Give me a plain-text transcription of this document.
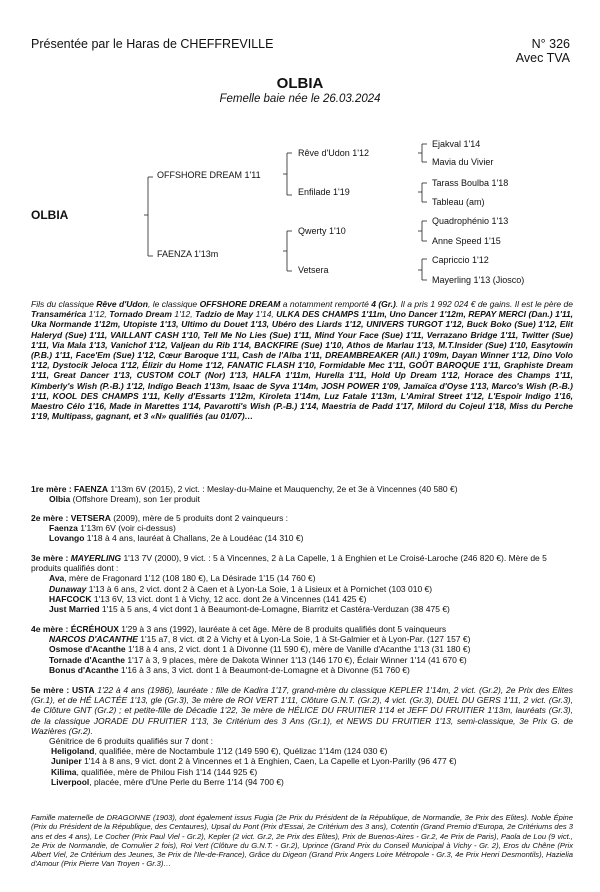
Présentée par le Haras de CHEFFREVILLE	N° 326
Avec TVA
OLBIA
Femelle baie née le 26.03.2024
OLBIA
OFFSHORE DREAM 1'11
FAENZA 1'13m
Rêve d'Udon 1'12
Enfilade 1'19
Qwerty 1'10
Vetsera
Ejakval 1'14
Mavia du Vivier
Tarass Boulba 1'18
Tableau (am)
Quadrophénio 1'13
Anne Speed 1'15
Capriccio 1'12
Mayerling 1'13 (Jiosco)
Fils du classique Rêve d'Udon, le classique OFFSHORE DREAM a notamment remporté 4 (Gr.). Il a pris 1 992 024 € de gains. Il est le père de Transamérica 1'12, Tornado Dream 1'12, Tadzio de May 1'14, ULKA DES CHAMPS 1'11m, Uno Dancer 1'12m, REPAY MERCI (Dan.) 1'11, Uka Normande 1'12m, Utopiste 1'13, Ultimo du Douet 1'13, Ubéro des Liards 1'12, UNIVERS TURGOT 1'12, Buck Boko (Sue) 1'12, Elit Haleryd (Sue) 1'11, VAILLANT CASH 1'10, Tell Me No Lies (Sue) 1'11, Mind Your Face (Sue) 1'11, Verrazano Bridge 1'11, Twitter (Sue) 1'11, Via Mala 1'13, Vanichof 1'12, Valjean du Rib 1'14, BACKFIRE (Sue) 1'10, Athos de Marlau 1'13, M.T.Insider (Sue) 1'10, Easytowin (P.B.) 1'11, Face'Em (Sue) 1'12, Cœur Baroque 1'11, Cash de l'Alba 1'11, DREAMBREAKER (All.) 1'09m, Dayan Winner 1'12, Dino Volo 1'12, Dystocik Jeloca 1'12, Élizir du Home 1'12, FANATIC FLASH 1'10, Formidable Mec 1'11, GOÛT BAROQUE 1'11, Graphiste Dream 1'11, Great Dancer 1'13, CUSTOM COLT (Nor) 1'13, HALFA 1'11m, Hurella 1'11, Hold Up Dream 1'12, Horace des Champs 1'11, Kimberly's Wish (P.-B.) 1'12, Indigo Beach 1'13m, Isaac de Syva 1'14m, JOSH POWER 1'09, Jamaïca d'Oyse 1'13, Marco's Wish (P.-B.) 1'11, KOOL DES CHAMPS 1'11, Kelly d'Essarts 1'12m, Kiroleta 1'14m, Luz Fatale 1'13m, L'Amiral Street 1'12, L'Espoir Indigo 1'16, Maestro Célo 1'16, Made in Marettes 1'14, Pavarotti's Wish (P.-B.) 1'14, Maestria de Padd 1'17, Milord du Cojeul 1'18, Miss du Perche 1'19, Multipass, gagnant, et 3 «N» qualifiés (au 01/07)…

1re mère : FAENZA 1'13m 6V (2015), 2 vict. : Meslay-du-Maine et Mauquenchy, 2e et 3e à Vincennes (40 580 €)

Olbia (Offshore Dream), son 1er produit

2e mère : VETSERA (2009), mère de 5 produits dont 2 vainqueurs :

Faenza 1'13m 6V (voir ci-dessus)

Lovango 1'18 à 4 ans, lauréat à Challans, 2e à Loudéac (14 310 €)

3e mère : MAYERLING 1'13 7V (2000), 9 vict. : 5 à Vincennes, 2 à La Capelle, 1 à Enghien et Le Croisé-Laroche (246 820 €). Mère de 5 produits qualifiés dont :

Ava, mère de Fragonard 1'12 (108 180 €), La Désirade 1'15 (14 760 €)

Dunaway 1'13 à 6 ans, 2 vict. dont 2 à Caen et à Lyon-La Soie, 1 à Lisieux et à Pornichet (103 010 €)

HAFCOCK 1'13 6V, 13 vict. dont 1 à Vichy, 12 acc. dont 2e à Vincennes (141 425 €)

Just Married 1'15 à 5 ans, 4 vict dont 1 à Beaumont-de-Lomagne, Biarritz et Castéra-Verduzan (38 475 €)

4e mère : ÉCRÉHOUX 1'29 à 3 ans (1992), lauréate à cet âge. Mère de 8 produits qualifiés dont 5 vainqueurs

NARCOS D'ACANTHE 1'15 a7, 8 vict. dt 2 à Vichy et à Lyon-La Soie, 1 à St-Galmier et à Lyon-Par. (127 157 €)

Osmose d'Acanthe 1'18 à 4 ans, 2 vict. dont 1 à Divonne (11 590 €), mère de Vanille d'Acanthe 1'13 (31 180 €)

Tornade d'Acanthe 1'17 à 3, 9 places, mère de Dakota Winner 1'13 (146 170 €), Éclair Winner 1'14 (41 670 €)

Bonus d'Acanthe 1'16 à 3 ans, 3 vict. dont 1 à Beaumont-de-Lomagne et à Divonne (51 760 €)

5e mère : USTA 1'22 à 4 ans (1986), lauréate : fille de Kadira 1'17, grand-mère du classique KEPLER 1'14m, 2 vict. (Gr.2), 2e Prix des Elites (Gr.1), et de HÉ LACTÉE 1'13, gle (Gr.3), 3e mère de ROI VERT 1'11, Clôture G.N.T. (Gr.2), 4 vict. (Gr.3), DUEL DU GERS 1'11, 2 vict. (Gr.3), 4e Clôture GNT (Gr.2) ; et petite-fille de Décadie 1'22, 3e mère de HÉLICE DU FRUITIER 1'14 et JEFF DU FRUITIER 1'13m, lauréats (Gr.3), de la classique JORADE DU FRUITIER 1'13, 3e Critérium des 3 Ans (Gr.1), et NEWS DU FRUITIER 1'13, semi-classique, 3e Prix G. de Wazières (Gr.2).

Génitrice de 6 produits qualifiés sur 7 dont :

Heligoland, qualifiée, mère de Noctambule 1'12 (149 590 €), Quélizac 1'14m (124 030 €)

Juniper 1'14 à 8 ans, 9 vict. dont 2 à Vincennes et 1 à Enghien, Caen, La Capelle et Lyon-Parilly (96 477 €)

Kilima, qualifiée, mère de Philou Fish 1'14 (144 925 €)

Liverpool, placée, mère d'Une Perle du Berre 1'14 (94 700 €)

Famille maternelle de DRAGONNE (1903), dont également issus Fugia (2e Prix du Président de la République, de Normandie, 3e Prix des Elites). Noble Épine (Prix du Président de la République, des Centaures), Upsal du Pont (Prix d'Essai, 2e Critérium des 3 ans), Cotentin (Grand Premio d'Europa, 2e Critériums des 3 ans et des 4 ans), Le Cocher (Prix Paul Viel - Gr.2), Kepler (2 vict. Gr.2, 2e Prix des Elites), Prix de Buenos-Aires - Gr.2, 4e Prix de Paris), Paola de Lou (9 vict., 2e Prix de Normandie, de Cornulier 2 fois), Roi Vert (Clôture du G.N.T. - Gr.2), Uprince (Grand Prix du Conseil Municipal à Vichy - Gr. 2), Eros du Chêne (Prix Albert Viel, 2e Critérium des Jeunes, 3e Prix de l'Ile-de-France), Grâce du Digeon (Grand Prix Angers Loire Métropole - Gr.3, 4e Prix Henri Desmontils), Hazielia d'Amour (Prix Pierre Van Troyen - Gr.3)…
